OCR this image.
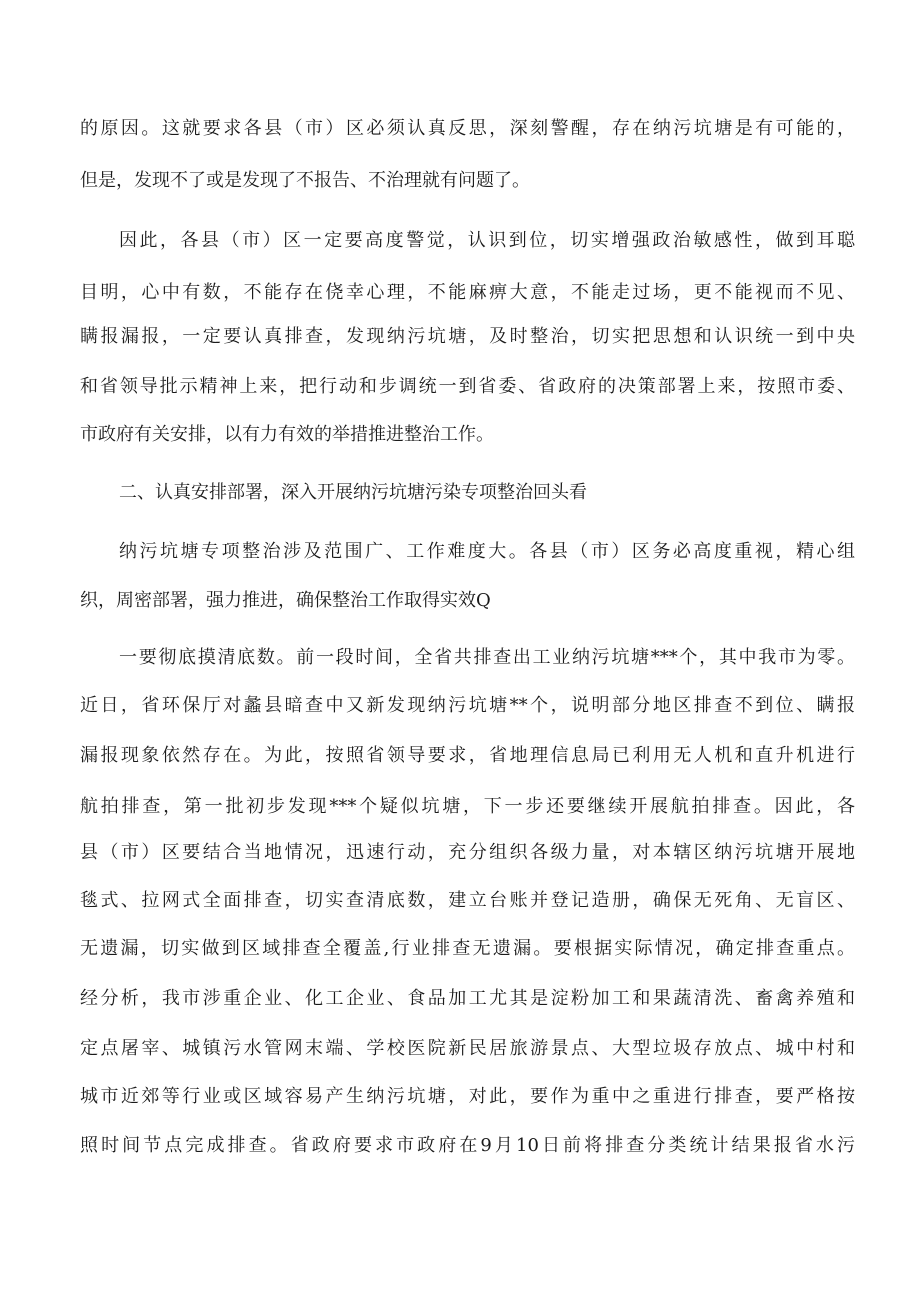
的原因。这就要求各县（市）区必须认真反思，深刻警醒，存在纳污坑塘是有可能的，
但是，发现不了或是发现了不报告、不治理就有问题了。
因此，各县（市）区一定要高度警觉，认识到位，切实增强政治敏感性，做到耳聪
目明，心中有数，不能存在侥幸心理，不能麻痹大意，不能走过场，更不能视而不见、
瞒报漏报，一定要认真排查，发现纳污坑塘，及时整治，切实把思想和认识统一到中央
和省领导批示精神上来，把行动和步调统一到省委、省政府的决策部署上来，按照市委、
市政府有关安排，以有力有效的举措推进整治工作。
二、认真安排部署，深入开展纳污坑塘污染专项整治回头看
纳污坑塘专项整治涉及范围广、工作难度大。各县（市）区务必高度重视，精心组
织，周密部署，强力推进，确保整治工作取得实效Q
一要彻底摸清底数。前一段时间，全省共排查出工业纳污坑塘***个，其中我市为零。
近日，省环保厅对蠡县暗查中又新发现纳污坑塘**个，说明部分地区排查不到位、瞒报
漏报现象依然存在。为此，按照省领导要求，省地理信息局已利用无人机和直升机进行
航拍排查，第一批初步发现***个疑似坑塘，下一步还要继续开展航拍排查。因此，各
县（市）区要结合当地情况，迅速行动，充分组织各级力量，对本辖区纳污坑塘开展地
毯式、拉网式全面排查，切实查清底数，建立台账并登记造册，确保无死角、无盲区、
无遗漏，切实做到区域排查全覆盖,行业排查无遗漏。要根据实际情况，确定排查重点。
经分析，我市涉重企业、化工企业、食品加工尤其是淀粉加工和果蔬清洗、畜禽养殖和
定点屠宰、城镇污水管网末端、学校医院新民居旅游景点、大型垃圾存放点、城中村和
城市近郊等行业或区域容易产生纳污坑塘，对此，要作为重中之重进行排查，要严格按
照时间节点完成排查。省政府要求市政府在9月10日前将排查分类统计结果报省水污
